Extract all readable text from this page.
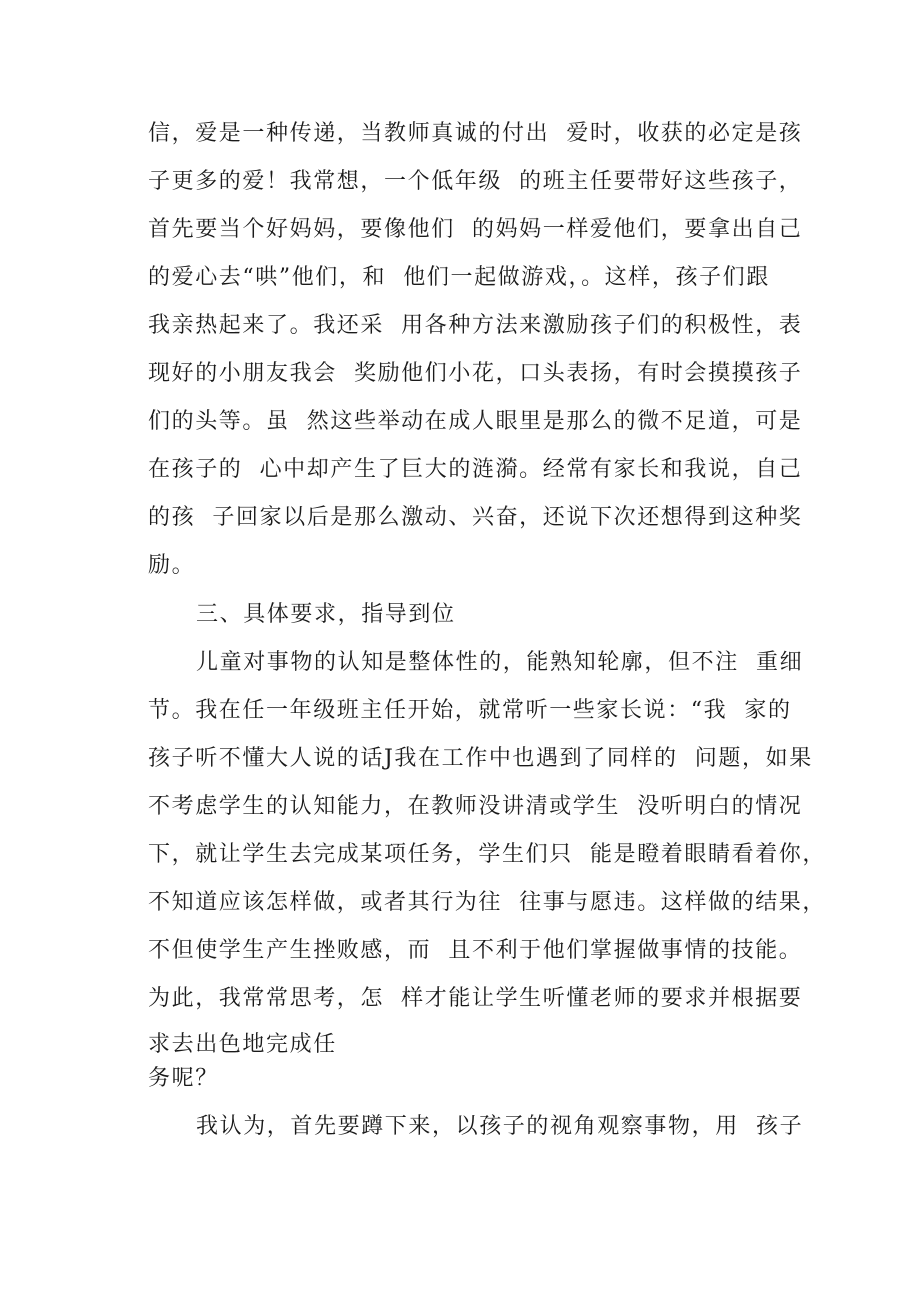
信，爱是一种传递，当教师真诚的付出  爱时，收获的必定是孩

子更多的爱！我常想，一个低年级  的班主任要带好这些孩子，

首先要当个好妈妈，要像他们  的妈妈一样爱他们，要拿出自己

的爱心去“哄”他们，和  他们一起做游戏，。这样，孩子们跟

我亲热起来了。我还采  用各种方法来激励孩子们的积极性，表

现好的小朋友我会  奖励他们小花，口头表扬，有时会摸摸孩子

们的头等。虽  然这些举动在成人眼里是那么的微不足道，可是

在孩子的  心中却产生了巨大的涟漪。经常有家长和我说，自己

的孩  子回家以后是那么激动、兴奋，还说下次还想得到这种奖

励。

三、具体要求，指导到位

儿童对事物的认知是整体性的，能熟知轮廓，但不注  重细

节。我在任一年级班主任开始，就常听一些家长说：“我  家的

孩子听不懂大人说的话J我在工作中也遇到了同样的  问题，如果

不考虑学生的认知能力，在教师没讲清或学生  没听明白的情况

下，就让学生去完成某项任务，学生们只  能是瞪着眼睛看着你，

不知道应该怎样做，或者其行为往  往事与愿违。这样做的结果，

不但使学生产生挫败感，而  且不利于他们掌握做事情的技能。

为此，我常常思考，怎  样才能让学生听懂老师的要求并根据要

求去出色地完成任

务呢？

我认为，首先要蹲下来，以孩子的视角观察事物，用  孩子
